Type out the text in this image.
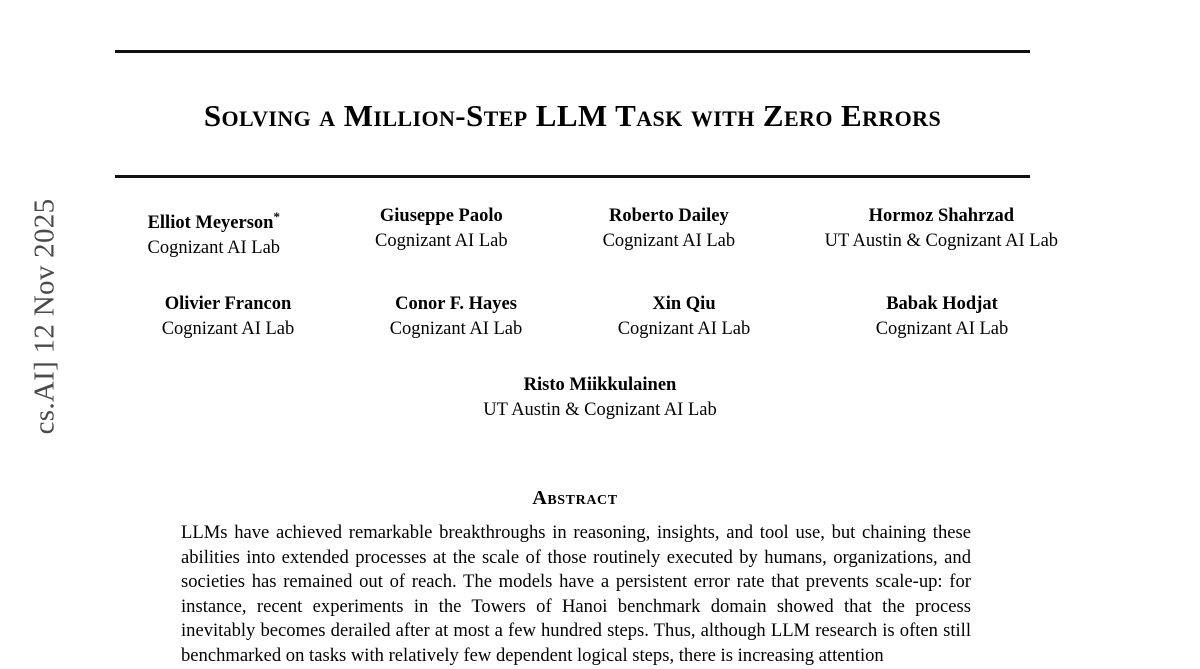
cs.AI] 12 Nov 2025
Solving a Million-Step LLM Task with Zero Errors
Elliot Meyerson*
Cognizant AI Lab
Giuseppe Paolo
Cognizant AI Lab
Roberto Dailey
Cognizant AI Lab
Hormoz Shahrzad
UT Austin & Cognizant AI Lab
Olivier Francon
Cognizant AI Lab
Conor F. Hayes
Cognizant AI Lab
Xin Qiu
Cognizant AI Lab
Babak Hodjat
Cognizant AI Lab
Risto Miikkulainen
UT Austin & Cognizant AI Lab
Abstract

LLMs have achieved remarkable breakthroughs in reasoning, insights, and tool use, but chaining these abilities into extended processes at the scale of those routinely executed by humans, organizations, and societies has remained out of reach. The models have a persistent error rate that prevents scale-up: for instance, recent experiments in the Towers of Hanoi benchmark domain showed that the process inevitably becomes derailed after at most a few hundred steps. Thus, although LLM research is often still benchmarked on tasks with relatively few dependent logical steps, there is increasing attention
